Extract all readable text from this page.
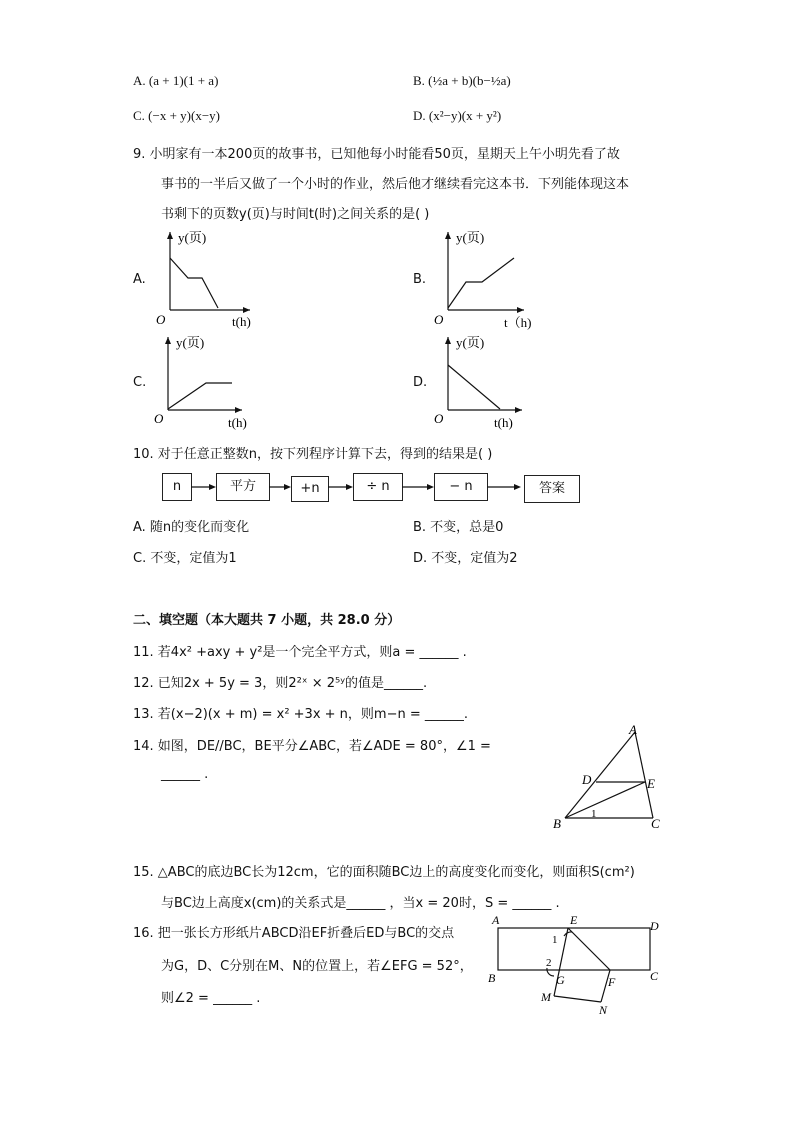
A. (a + 1)(1 + a)	B. (½a + b)(b−½a)
C. (−x + y)(x−y)	D. (x²−y)(x + y²)
9. 小明家有一本200页的故事书，已知他每小时能看50页，星期天上午小明先看了故
事书的一半后又做了一个小时的作业，然后他才继续看完这本书．下列能体现这本
书剩下的页数y(页)与时间t(时)之间关系的是( )
A.	B.
C.	D.
y(页)
t(h)
O
y(页)
t（h)
O
y(页)
t(h)
O
y(页)
t(h)
O
10. 对于任意正整数n，按下列程序计算下去，得到的结果是( )
n	平方	+n	÷ n	− n	答案
A. 随n的变化而变化	B. 不变，总是0
C. 不变，定值为1	D. 不变，定值为2
二、填空题（本大题共 7 小题，共 28.0 分）
11. 若4x² +axy + y²是一个完全平方式，则a = ______ .
12. 已知2x + 5y = 3，则2²ˣ × 2⁵ʸ的值是______.
13. 若(x−2)(x + m) = x² +3x + n，则m−n = ______.
14. 如图，DE//BC，BE平分∠ABC，若∠ADE = 80°，∠1 =
______ .
A
B	C
D	E
1
15. △ABC的底边BC长为12cm，它的面积随BC边上的高度变化而变化，则面积S(cm²)
与BC边上高度x(cm)的关系式是______ ，当x = 20时，S = ______ .
16. 把一张长方形纸片ABCD沿EF折叠后ED与BC的交点
为G，D、C分别在M、N的位置上，若∠EFG = 52°，
则∠2 = ______ .
A	E	D
B	C
G	F
M
N
1
2
